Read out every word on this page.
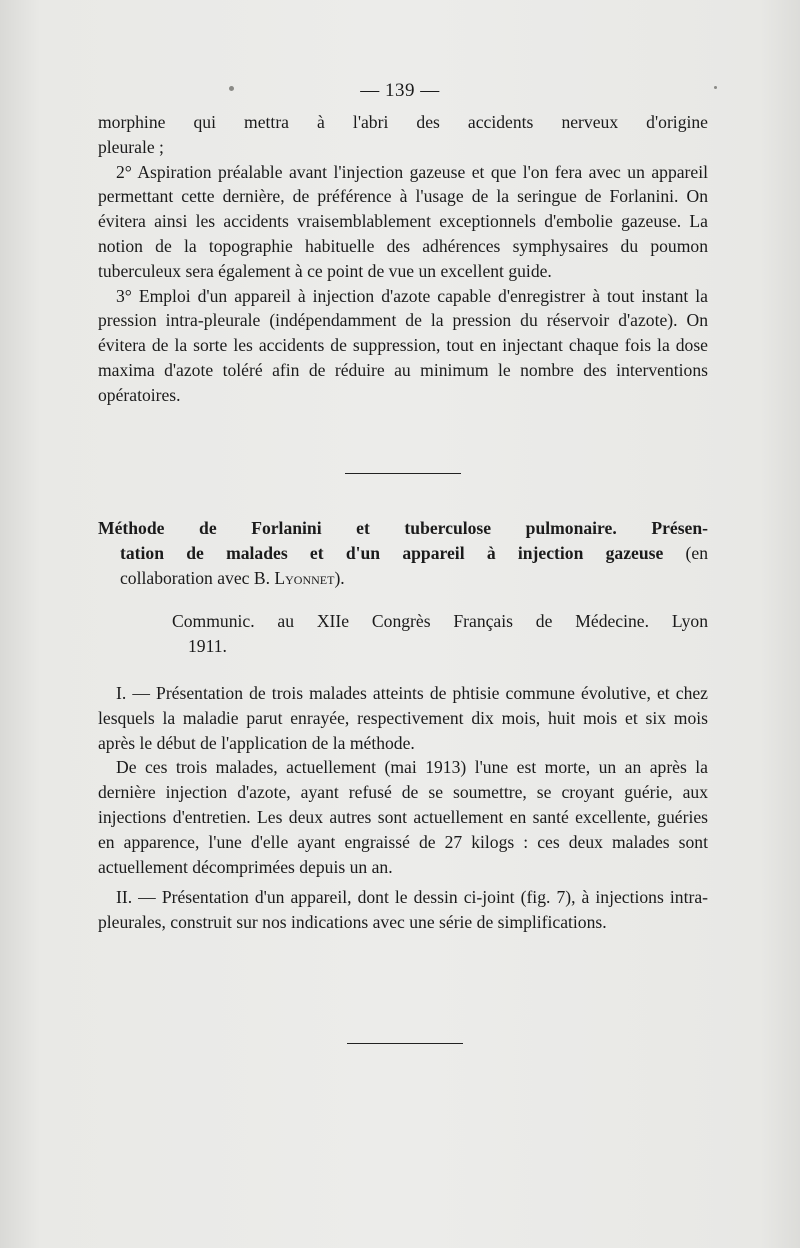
— 139 —

morphine qui mettra à l'abri des accidents nerveux d'origine

pleurale ;

2° Aspiration préalable avant l'injection gazeuse et que l'on fera avec un appareil permettant cette dernière, de préférence à l'usage de la seringue de Forlanini. On évitera ainsi les accidents vraisemblablement exceptionnels d'embolie gazeuse. La notion de la topographie habituelle des adhérences symphysaires du poumon tuberculeux sera également à ce point de vue un excellent guide.

3° Emploi d'un appareil à injection d'azote capable d'enregistrer à tout instant la pression intra-pleurale (indépendamment de la pression du réservoir d'azote). On évitera de la sorte les accidents de suppression, tout en injectant chaque fois la dose maxima d'azote toléré afin de réduire au minimum le nombre des interventions opératoires.

Méthode de Forlanini et tuberculose pulmonaire. Présen-
tation de malades et d'un appareil à injection gazeuse (en
collaboration avec B. Lyonnet).
Communic. au XIIe Congrès Français de Médecine. Lyon
1911.

I. — Présentation de trois malades atteints de phtisie commune évolutive, et chez lesquels la maladie parut enrayée, respectivement dix mois, huit mois et six mois après le début de l'application de la méthode.

De ces trois malades, actuellement (mai 1913) l'une est morte, un an après la dernière injection d'azote, ayant refusé de se soumettre, se croyant guérie, aux injections d'entretien. Les deux autres sont actuellement en santé excellente, guéries en apparence, l'une d'elle ayant engraissé de 27 kilogs : ces deux malades sont actuellement décomprimées depuis un an.

II. — Présentation d'un appareil, dont le dessin ci-joint (fig. 7), à injections intra-pleurales, construit sur nos indications avec une série de simplifications.
